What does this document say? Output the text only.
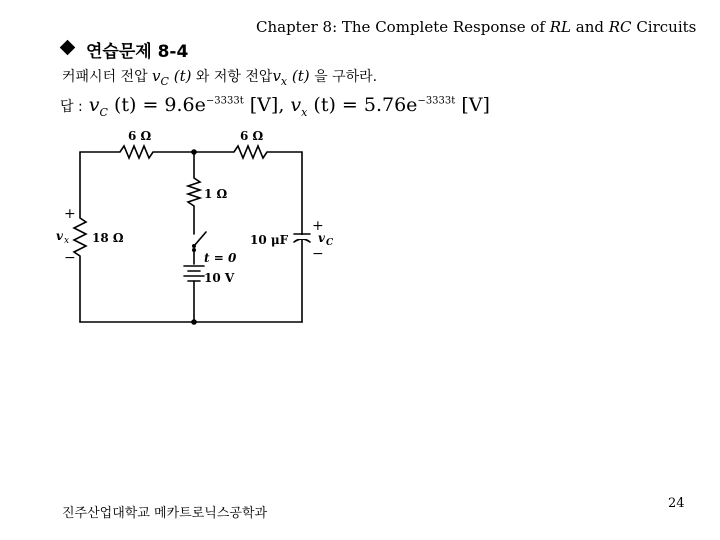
Chapter 8: The Complete Response of RL and RC Circuits
연습문제 8-4
커패시터 전압 $v_C$ (t) 와 저항 전압$v_x$ (t) 을 구하라.
답 : $v_C$ $(t) = 9.6e^{-3333t}$ [V], $v_x$ $(t) = 5.76e^{-3333t}$ [V]
6 Ω	6 Ω
1 Ω
18 Ω
t = 0
10 V
10 μF v C
v x
+
−
+
−
진주산업대학교 메카트로닉스공학과
24
